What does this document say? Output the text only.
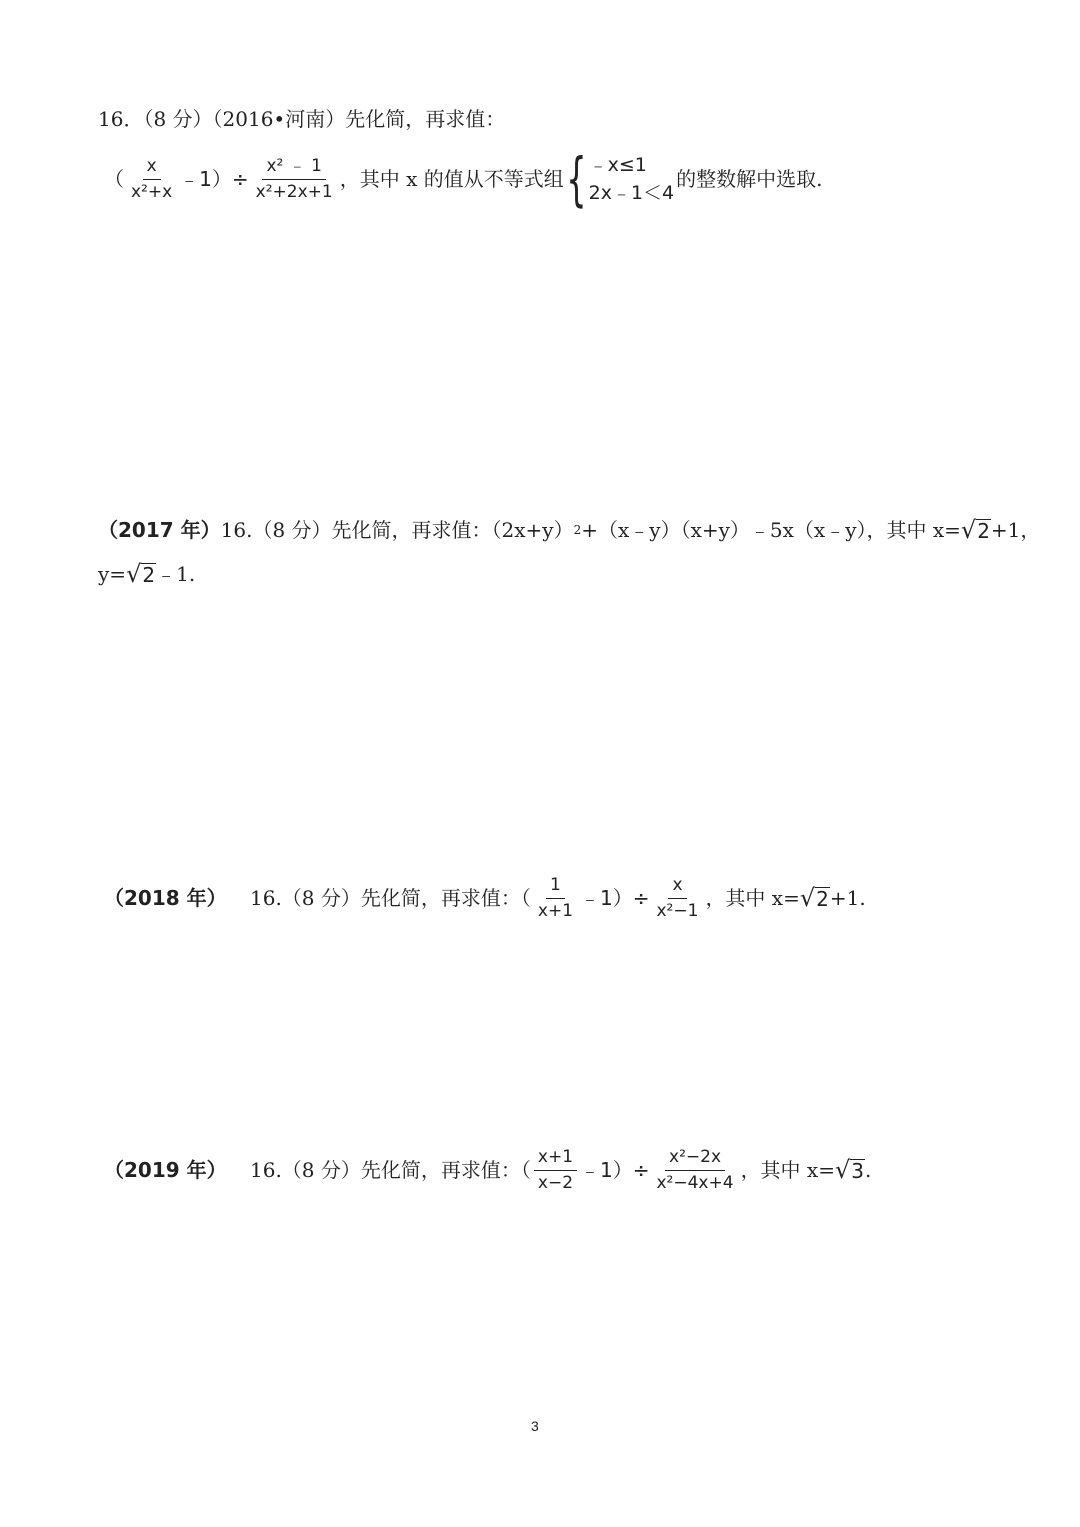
16．（8 分）（2016•河南）先化简，再求值：
（ $\frac{x}{\text{x²+x}}$ ﹣1）÷ $\frac{\text{x² ﹣ 1}}{\text{x²+2x+1}}$ ，其中 x 的值从不等式组 { ﹣x≤1
2x﹣1＜4
的整数解中选取.
（2017 年） 16.（8 分）先化简，再求值：（2x+y） 2 +（x﹣y）（x+y）﹣5x（x﹣y），其中 x= √ 2 +1，
y= √ 2 ﹣1.
（2018 年）	16.（8 分）先化简，再求值：（ $\frac{1}{x+1}$ ﹣1）÷ $\frac{x}{\text{x²−1}}$ ，其中 x= √ 2 +1.
（2019 年）	16.（8 分）先化简，再求值：（ $\frac{x+1}{x-2}$ ﹣1）÷ $\frac{\text{x²−2x}}{\text{x²−4x+4}}$ ，其中 x= √ 3 .
3
